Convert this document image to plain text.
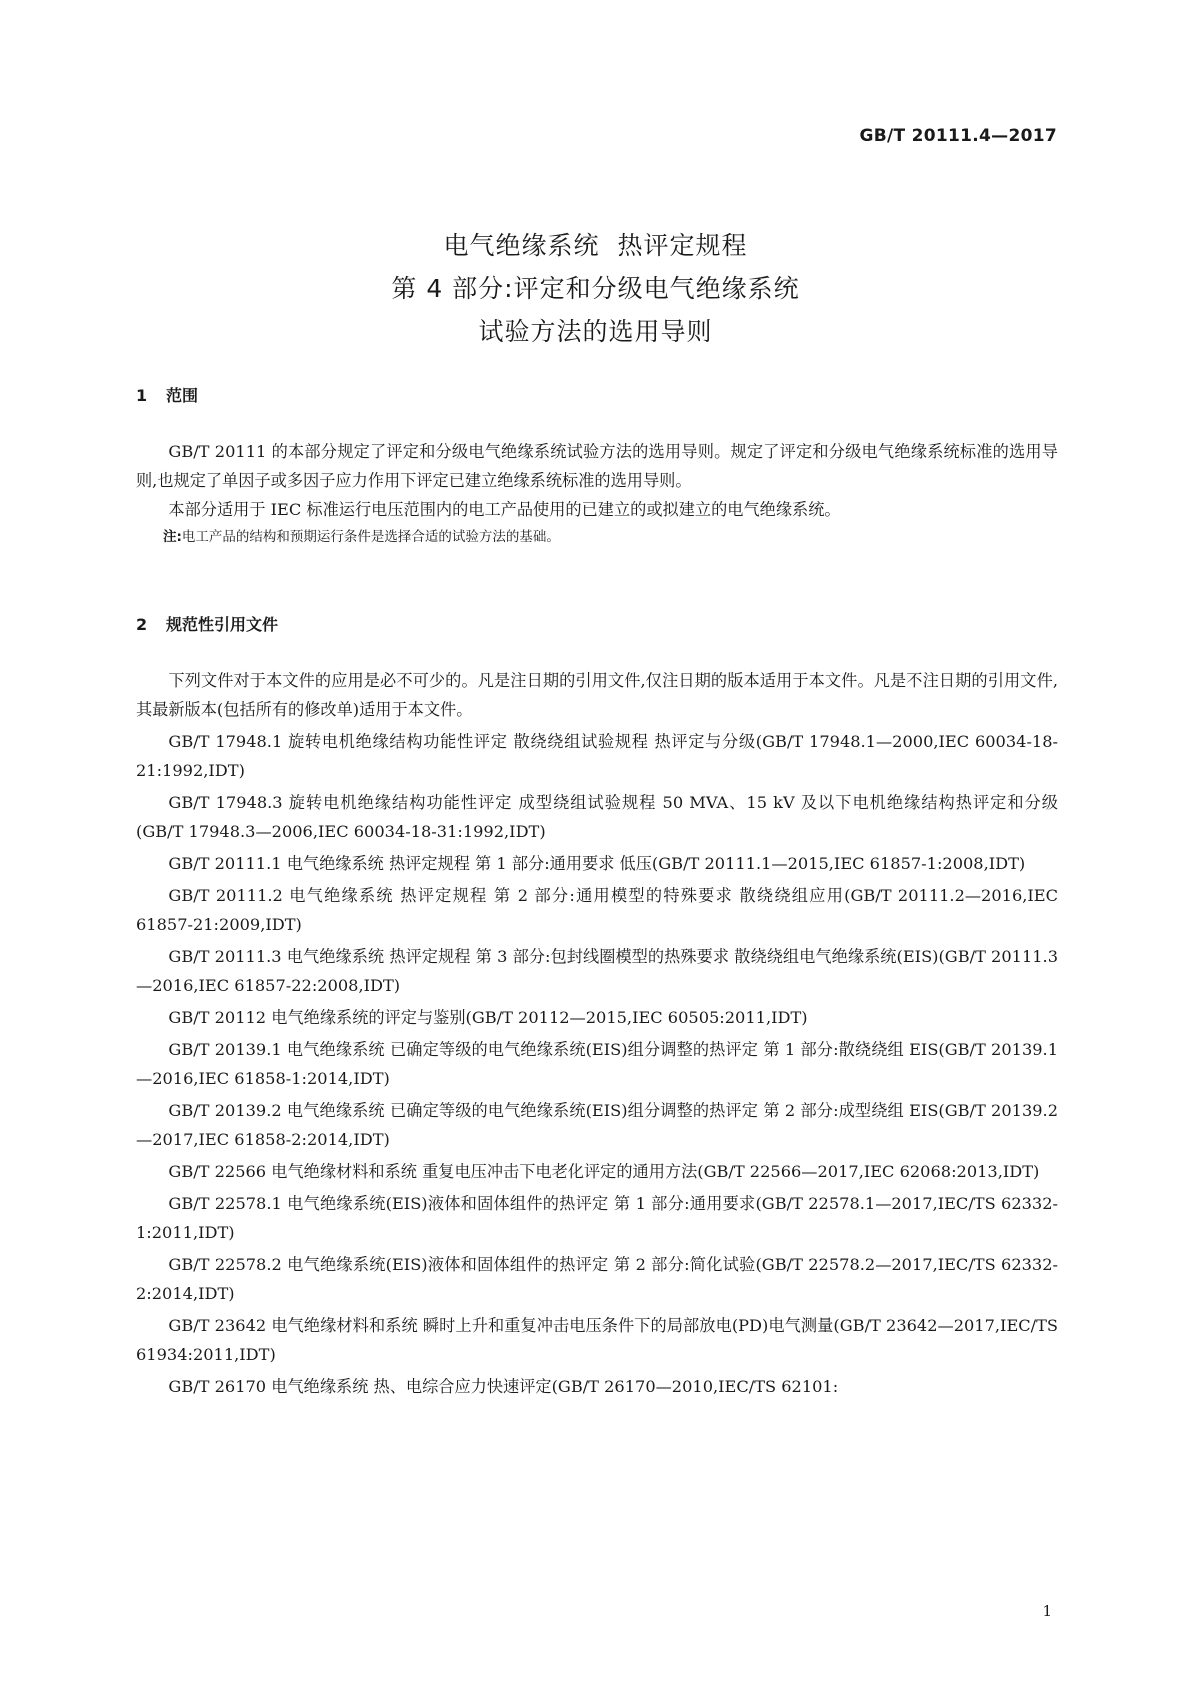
GB/T 20111.4—2017
电气绝缘系统  热评定规程
第 4 部分:评定和分级电气绝缘系统
试验方法的选用导则
1 范围

GB/T 20111 的本部分规定了评定和分级电气绝缘系统试验方法的选用导则。规定了评定和分级电气绝缘系统标准的选用导则,也规定了单因子或多因子应力作用下评定已建立绝缘系统标准的选用导则。

本部分适用于 IEC 标准运行电压范围内的电工产品使用的已建立的或拟建立的电气绝缘系统。

注:电工产品的结构和预期运行条件是选择合适的试验方法的基础。

2 规范性引用文件

下列文件对于本文件的应用是必不可少的。凡是注日期的引用文件,仅注日期的版本适用于本文件。凡是不注日期的引用文件,其最新版本(包括所有的修改单)适用于本文件。

GB/T 17948.1 旋转电机绝缘结构功能性评定 散绕绕组试验规程 热评定与分级(GB/T 17948.1—2000,IEC 60034-18-21:1992,IDT)

GB/T 17948.3 旋转电机绝缘结构功能性评定 成型绕组试验规程 50 MVA、15 kV 及以下电机绝缘结构热评定和分级(GB/T 17948.3—2006,IEC 60034-18-31:1992,IDT)

GB/T 20111.1 电气绝缘系统 热评定规程 第 1 部分:通用要求 低压(GB/T 20111.1—2015,IEC 61857-1:2008,IDT)

GB/T 20111.2 电气绝缘系统 热评定规程 第 2 部分:通用模型的特殊要求 散绕绕组应用(GB/T 20111.2—2016,IEC 61857-21:2009,IDT)

GB/T 20111.3 电气绝缘系统 热评定规程 第 3 部分:包封线圈模型的热殊要求 散绕绕组电气绝缘系统(EIS)(GB/T 20111.3—2016,IEC 61857-22:2008,IDT)

GB/T 20112 电气绝缘系统的评定与鉴别(GB/T 20112—2015,IEC 60505:2011,IDT)

GB/T 20139.1 电气绝缘系统 已确定等级的电气绝缘系统(EIS)组分调整的热评定 第 1 部分:散绕绕组 EIS(GB/T 20139.1—2016,IEC 61858-1:2014,IDT)

GB/T 20139.2 电气绝缘系统 已确定等级的电气绝缘系统(EIS)组分调整的热评定 第 2 部分:成型绕组 EIS(GB/T 20139.2—2017,IEC 61858-2:2014,IDT)

GB/T 22566 电气绝缘材料和系统 重复电压冲击下电老化评定的通用方法(GB/T 22566—2017,IEC 62068:2013,IDT)

GB/T 22578.1 电气绝缘系统(EIS)液体和固体组件的热评定 第 1 部分:通用要求(GB/T 22578.1—2017,IEC/TS 62332-1:2011,IDT)

GB/T 22578.2 电气绝缘系统(EIS)液体和固体组件的热评定 第 2 部分:简化试验(GB/T 22578.2—2017,IEC/TS 62332-2:2014,IDT)

GB/T 23642 电气绝缘材料和系统 瞬时上升和重复冲击电压条件下的局部放电(PD)电气测量(GB/T 23642—2017,IEC/TS 61934:2011,IDT)

GB/T 26170 电气绝缘系统 热、电综合应力快速评定(GB/T 26170—2010,IEC/TS 62101:

1
